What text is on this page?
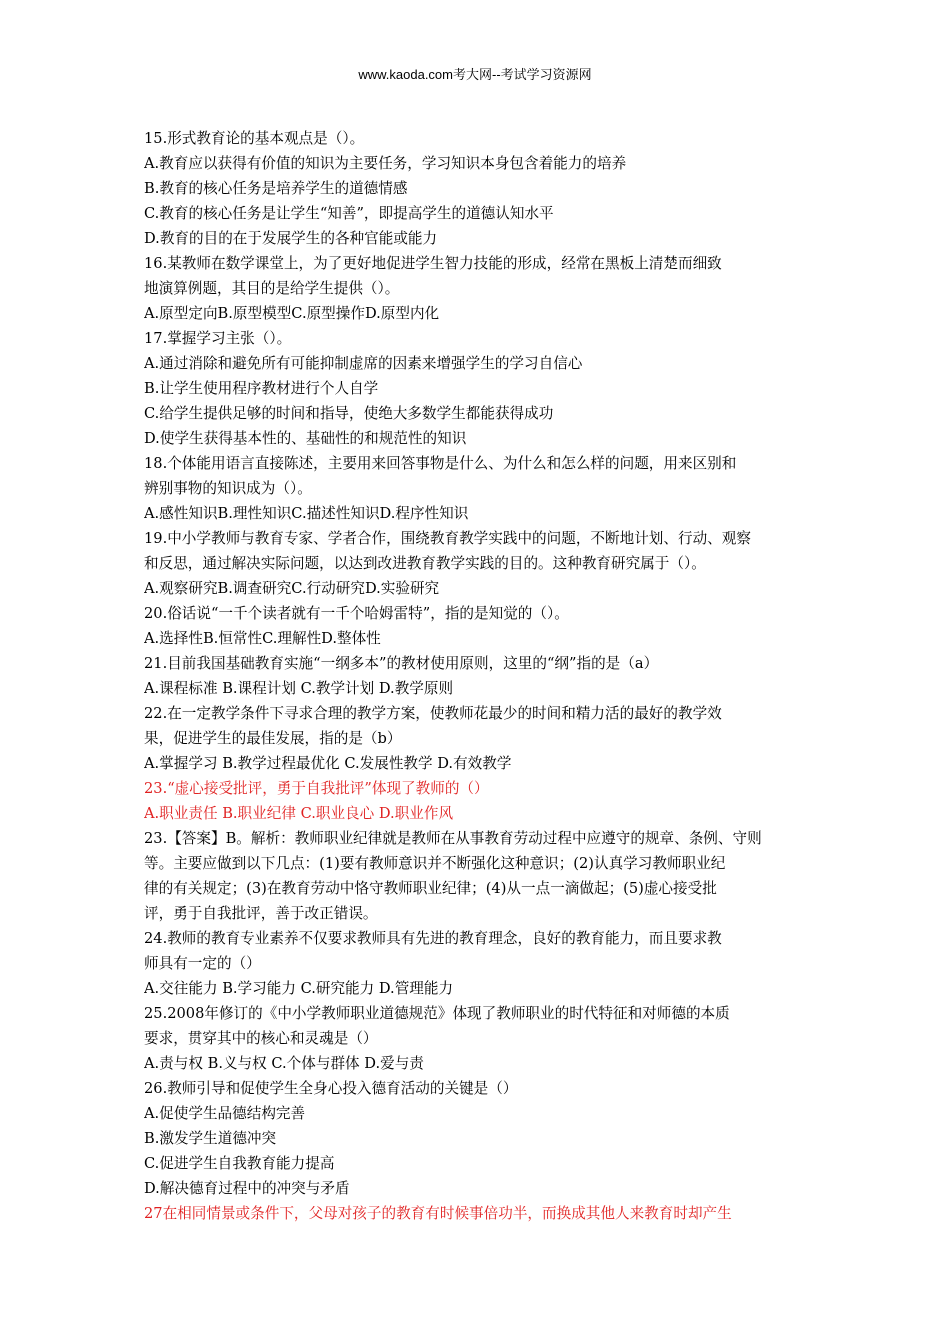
www.kaoda.com考大网--考试学习资源网
15.形式教育论的基本观点是（）。
A.教育应以获得有价值的知识为主要任务，学习知识本身包含着能力的培养
B.教育的核心任务是培养学生的道德情感
C.教育的核心任务是让学生“知善”，即提高学生的道德认知水平
D.教育的目的在于发展学生的各种官能或能力
16.某教师在数学课堂上，为了更好地促进学生智力技能的形成，经常在黑板上清楚而细致
地演算例题，其目的是给学生提供（）。
A.原型定向B.原型模型C.原型操作D.原型内化
17.掌握学习主张（）。
A.通过消除和避免所有可能抑制虚席的因素来增强学生的学习自信心
B.让学生使用程序教材进行个人自学
C.给学生提供足够的时间和指导，使绝大多数学生都能获得成功
D.使学生获得基本性的、基础性的和规范性的知识
18.个体能用语言直接陈述，主要用来回答事物是什么、为什么和怎么样的问题，用来区别和
辨别事物的知识成为（）。
A.感性知识B.理性知识C.描述性知识D.程序性知识
19.中小学教师与教育专家、学者合作，围绕教育教学实践中的问题，不断地计划、行动、观察
和反思，通过解决实际问题，以达到改进教育教学实践的目的。这种教育研究属于（）。
A.观察研究B.调查研究C.行动研究D.实验研究
20.俗话说“一千个读者就有一千个哈姆雷特”，指的是知觉的（）。
A.选择性B.恒常性C.理解性D.整体性
21.目前我国基础教育实施“一纲多本”的教材使用原则，这里的“纲”指的是（a）
A.课程标准 B.课程计划 C.教学计划 D.教学原则
22.在一定教学条件下寻求合理的教学方案，使教师花最少的时间和精力活的最好的教学效
果，促进学生的最佳发展，指的是（b）
A.掌握学习 B.教学过程最优化 C.发展性教学 D.有效教学
23.“虚心接受批评，勇于自我批评”体现了教师的（）
A.职业责任 B.职业纪律 C.职业良心 D.职业作风
23.【答案】B。解析：教师职业纪律就是教师在从事教育劳动过程中应遵守的规章、条例、守则
等。主要应做到以下几点：(1)要有教师意识并不断强化这种意识；(2)认真学习教师职业纪
律的有关规定；(3)在教育劳动中恪守教师职业纪律；(4)从一点一滴做起；(5)虚心接受批
评，勇于自我批评，善于改正错误。
24.教师的教育专业素养不仅要求教师具有先进的教育理念，良好的教育能力，而且要求教
师具有一定的（）
A.交往能力 B.学习能力 C.研究能力 D.管理能力
25.2008年修订的《中小学教师职业道德规范》体现了教师职业的时代特征和对师德的本质
要求，贯穿其中的核心和灵魂是（）
A.责与权 B.义与权 C.个体与群体 D.爱与责
26.教师引导和促使学生全身心投入德育活动的关键是（）
A.促使学生品德结构完善
B.激发学生道德冲突
C.促进学生自我教育能力提高
D.解决德育过程中的冲突与矛盾
27在相同情景或条件下，父母对孩子的教育有时候事倍功半，而换成其他人来教育时却产生
